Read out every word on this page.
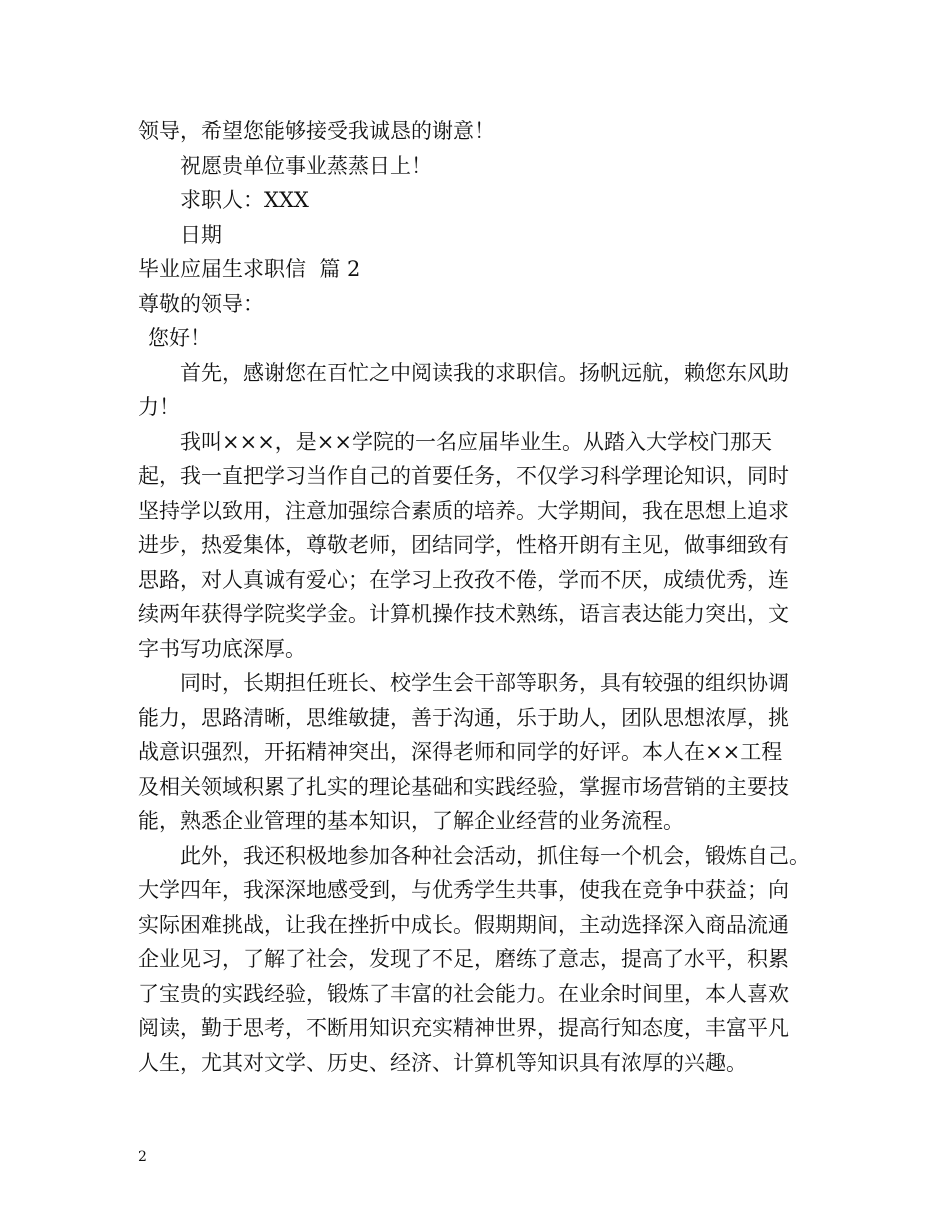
领导，希望您能够接受我诚恳的谢意！
祝愿贵单位事业蒸蒸日上！
求职人：XXX
日期
毕业应届生求职信  篇 2
尊敬的领导：
您好！
首先，感谢您在百忙之中阅读我的求职信。扬帆远航，赖您东风助
力！
我叫×××，是××学院的一名应届毕业生。从踏入大学校门那天
起，我一直把学习当作自己的首要任务，不仅学习科学理论知识，同时
坚持学以致用，注意加强综合素质的培养。大学期间，我在思想上追求
进步，热爱集体，尊敬老师，团结同学，性格开朗有主见，做事细致有
思路，对人真诚有爱心；在学习上孜孜不倦，学而不厌，成绩优秀，连
续两年获得学院奖学金。计算机操作技术熟练，语言表达能力突出，文
字书写功底深厚。
同时，长期担任班长、校学生会干部等职务，具有较强的组织协调
能力，思路清晰，思维敏捷，善于沟通，乐于助人，团队思想浓厚，挑
战意识强烈，开拓精神突出，深得老师和同学的好评。本人在××工程
及相关领域积累了扎实的理论基础和实践经验，掌握市场营销的主要技
能，熟悉企业管理的基本知识，了解企业经营的业务流程。
此外，我还积极地参加各种社会活动，抓住每一个机会，锻炼自己。
大学四年，我深深地感受到，与优秀学生共事，使我在竞争中获益；向
实际困难挑战，让我在挫折中成长。假期期间，主动选择深入商品流通
企业见习，了解了社会，发现了不足，磨练了意志，提高了水平，积累
了宝贵的实践经验，锻炼了丰富的社会能力。在业余时间里，本人喜欢
阅读，勤于思考，不断用知识充实精神世界，提高行知态度，丰富平凡
人生，尤其对文学、历史、经济、计算机等知识具有浓厚的兴趣。
2
